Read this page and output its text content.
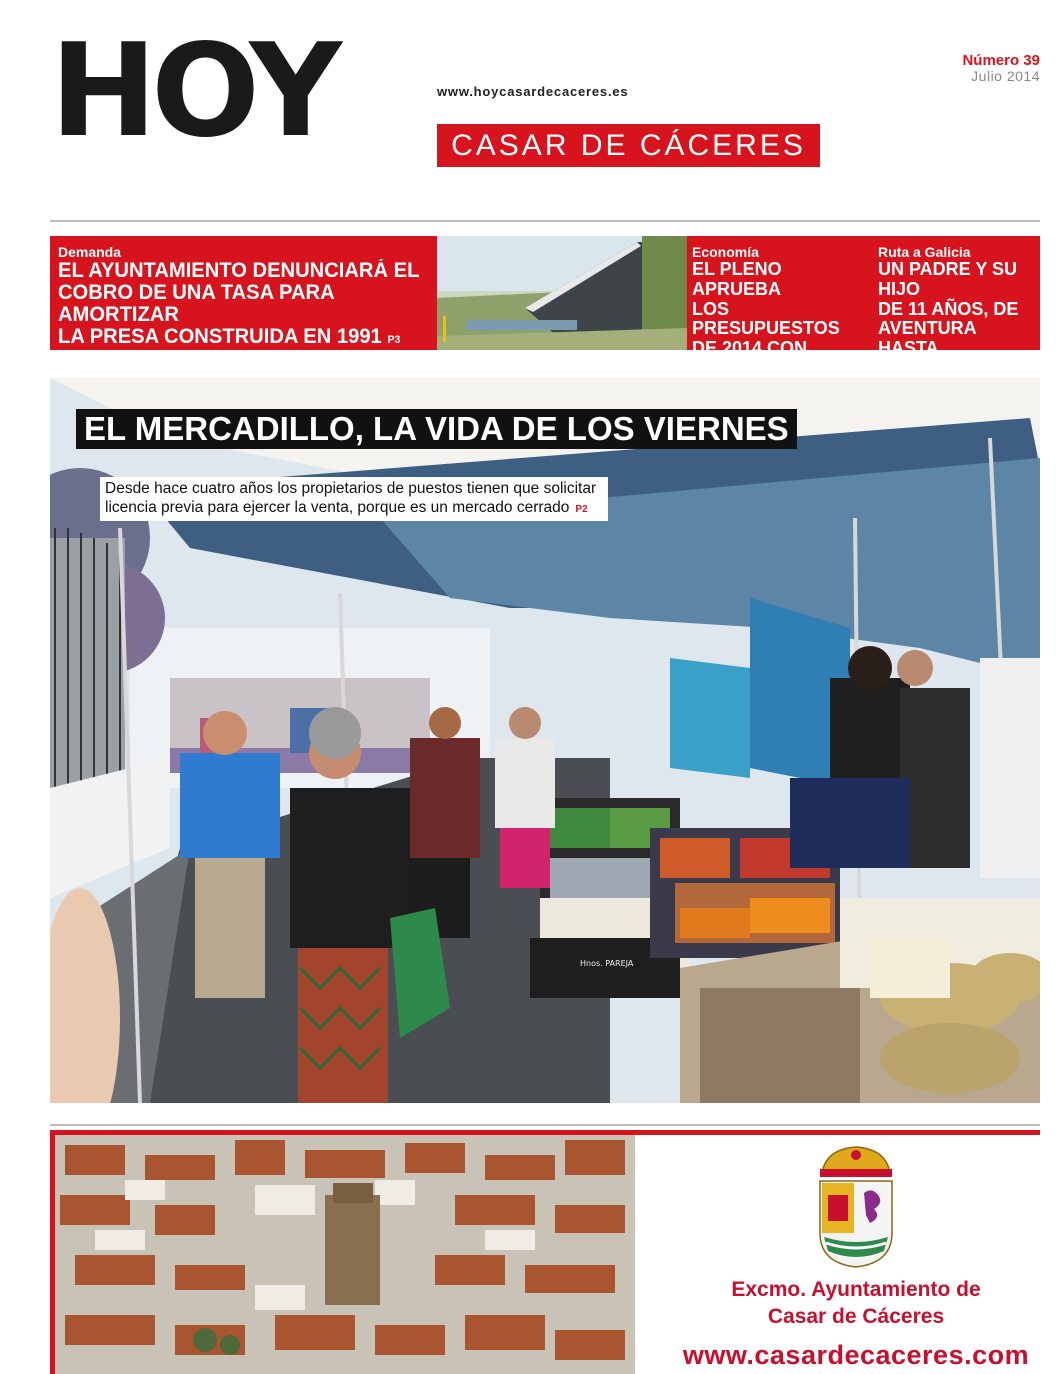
HOY	www.hoycasardecaceres.es
CASAR DE CÁCERES
Número 39
Julio 2014
Demanda
EL AYUNTAMIENTO DENUNCIARÁ EL
COBRO DE UNA TASA PARA AMORTIZAR
LA PRESA CONSTRUIDA EN 1991 P3
Economía
EL PLENO APRUEBA
LOS PRESUPUESTOS
DE 2014 CON
3.348.108 EUROS P5
Ruta a Galicia
UN PADRE Y SU HIJO
DE 11 AÑOS, DE
AVENTURA HASTA
SANTIAGO P11
Hnos. PAREJA
EL MERCADILLO, LA VIDA DE LOS VIERNES
Desde hace cuatro años los propietarios de puestos tienen que solicitar
licencia previa para ejercer la venta, porque es un mercado cerrado P2
Excmo. Ayuntamiento de
Casar de Cáceres
www.casardecaceres.com
